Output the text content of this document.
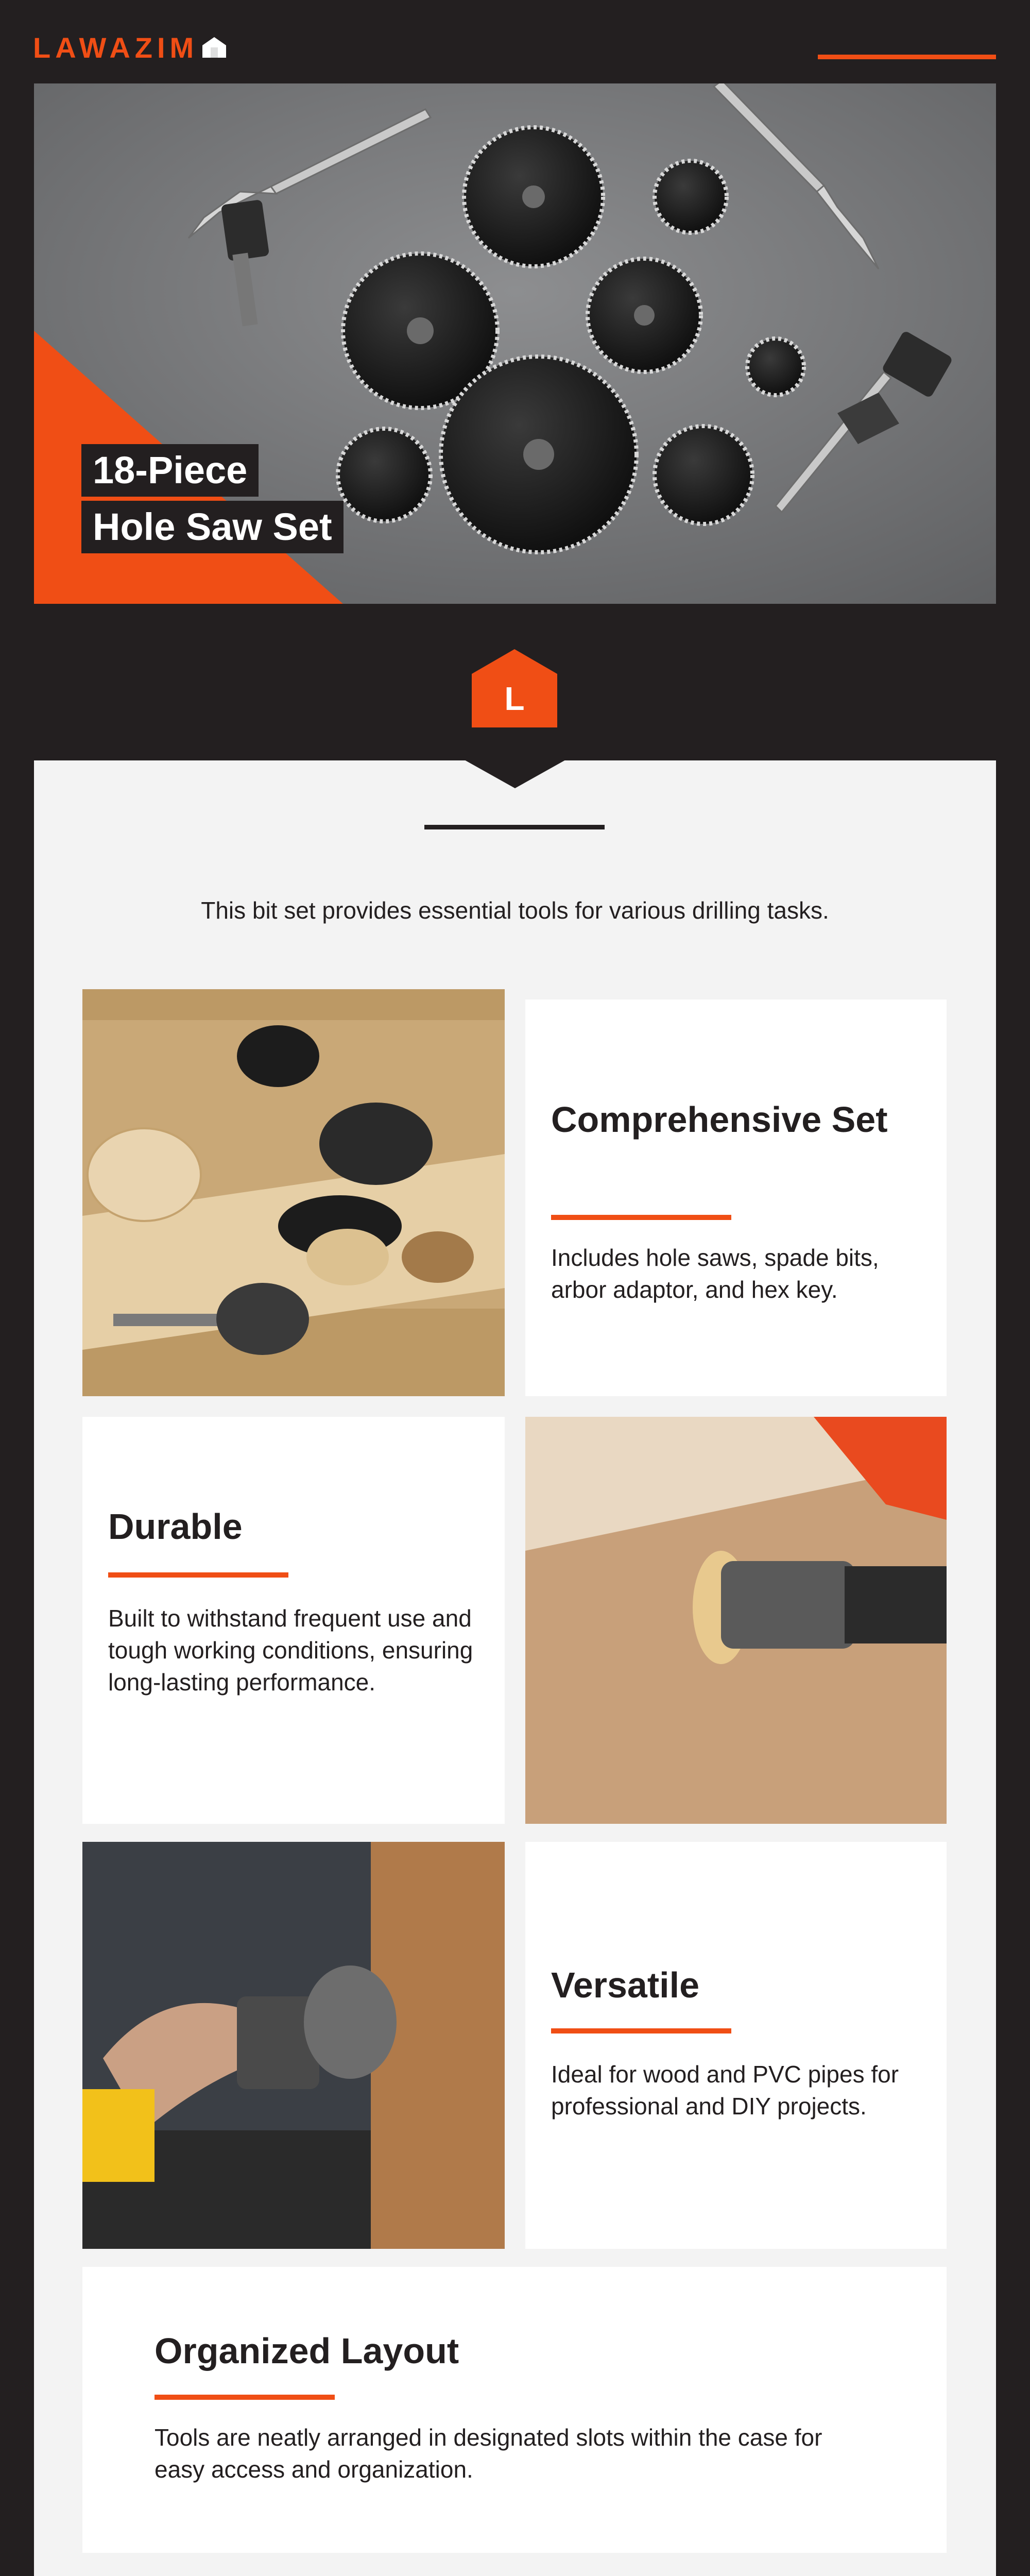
LAWAZIM
18-Piece
Hole Saw Set
L
This bit set provides essential tools for various drilling tasks.
Comprehensive Set
Includes hole saws, spade bits, arbor adaptor, and hex key.
Durable
Built to withstand frequent use and tough working conditions, ensuring long-lasting performance.
Versatile
Ideal for wood and PVC pipes for professional and DIY projects.
Organized Layout
Tools are neatly arranged in designated slots within the case for easy access and organization.
